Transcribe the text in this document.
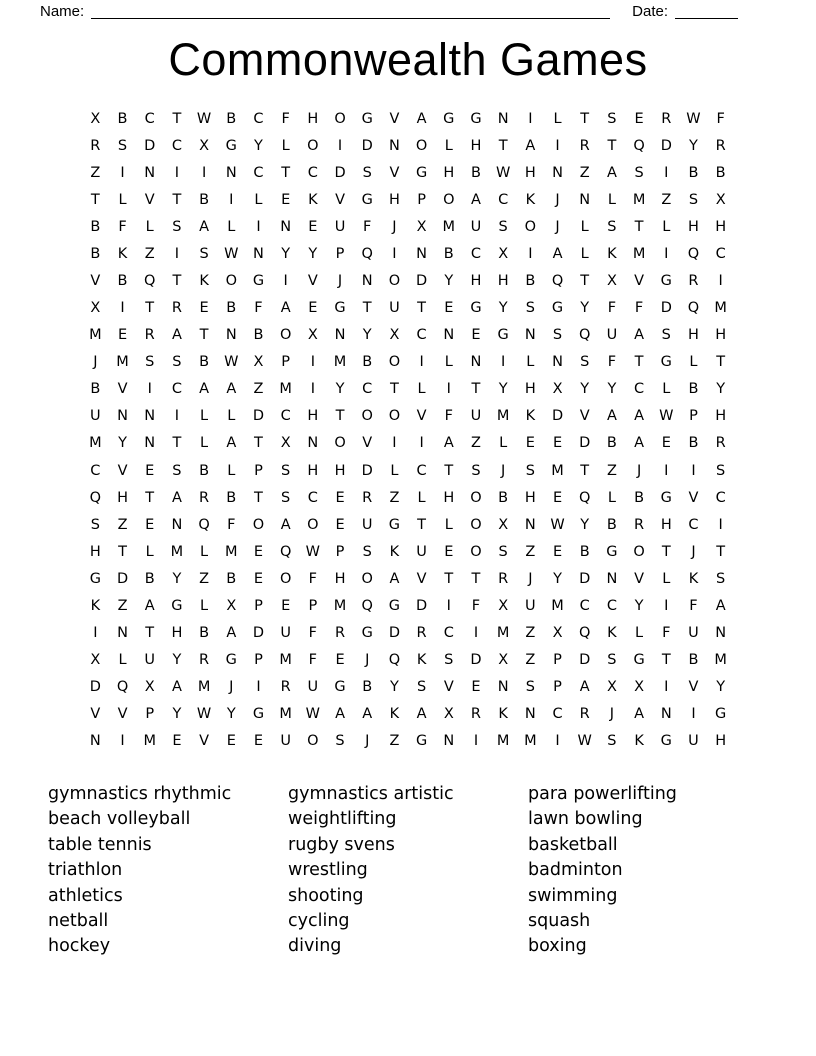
Name:	Date:
Commonwealth Games
X	B	C	T	W	B	C	F	H	O	G	V	A	G	G	N	I	L	T	S	E	R	W	F
R	S	D	C	X	G	Y	L	O	I	D	N	O	L	H	T	A	I	R	T	Q	D	Y	R
Z	I	N	I	I	N	C	T	C	D	S	V	G	H	B	W	H	N	Z	A	S	I	B	B
T	L	V	T	B	I	L	E	K	V	G	H	P	O	A	C	K	J	N	L	M	Z	S	X
B	F	L	S	A	L	I	N	E	U	F	J	X	M	U	S	O	J	L	S	T	L	H	H
B	K	Z	I	S	W	N	Y	Y	P	Q	I	N	B	C	X	I	A	L	K	M	I	Q	C
V	B	Q	T	K	O	G	I	V	J	N	O	D	Y	H	H	B	Q	T	X	V	G	R	I
X	I	T	R	E	B	F	A	E	G	T	U	T	E	G	Y	S	G	Y	F	F	D	Q	M
M	E	R	A	T	N	B	O	X	N	Y	X	C	N	E	G	N	S	Q	U	A	S	H	H
J	M	S	S	B	W	X	P	I	M	B	O	I	L	N	I	L	N	S	F	T	G	L	T
B	V	I	C	A	A	Z	M	I	Y	C	T	L	I	T	Y	H	X	Y	Y	C	L	B	Y
U	N	N	I	L	L	D	C	H	T	O	O	V	F	U	M	K	D	V	A	A	W	P	H
M	Y	N	T	L	A	T	X	N	O	V	I	I	A	Z	L	E	E	D	B	A	E	B	R
C	V	E	S	B	L	P	S	H	H	D	L	C	T	S	J	S	M	T	Z	J	I	I	S
Q	H	T	A	R	B	T	S	C	E	R	Z	L	H	O	B	H	E	Q	L	B	G	V	C
S	Z	E	N	Q	F	O	A	O	E	U	G	T	L	O	X	N	W	Y	B	R	H	C	I
H	T	L	M	L	M	E	Q W	P	S	K	U	E	O	S	Z	E	B	G	O	T	J	T
G	D	B	Y	Z	B	E	O	F	H	O	A	V	T	T	R	J	Y	D	N	V	L	K	S
K	Z	A	G	L	X	P	E	P	M	Q	G	D	I	F	X	U	M	C	C	Y	I	F	A
I	N	T	H	B	A	D	U	F	R	G	D	R	C	I	M	Z	X	Q	K	L	F	U	N
X	L	U	Y	R	G	P	M	F	E	J	Q	K	S	D	X	Z	P	D	S	G	T	B	M
D	Q	X	A	M	J	I	R	U	G	B	Y	S	V	E	N	S	P	A	X	X	I	V	Y
V	V	P	Y	W	Y	G	M W	A	A	K	A	X	R	K	N	C	R	J	A	N	I	G
N	I	M	E	V	E	E	U	O	S	J	Z	G	N	I	M	M	I	W	S	K	G	U	H
gymnastics rhythmic
beach volleyball
table tennis
triathlon
athletics
netball
hockey
gymnastics artistic
weightlifting
rugby svens
wrestling
shooting
cycling
diving
para powerlifting
lawn bowling
basketball
badminton
swimming
squash
boxing
